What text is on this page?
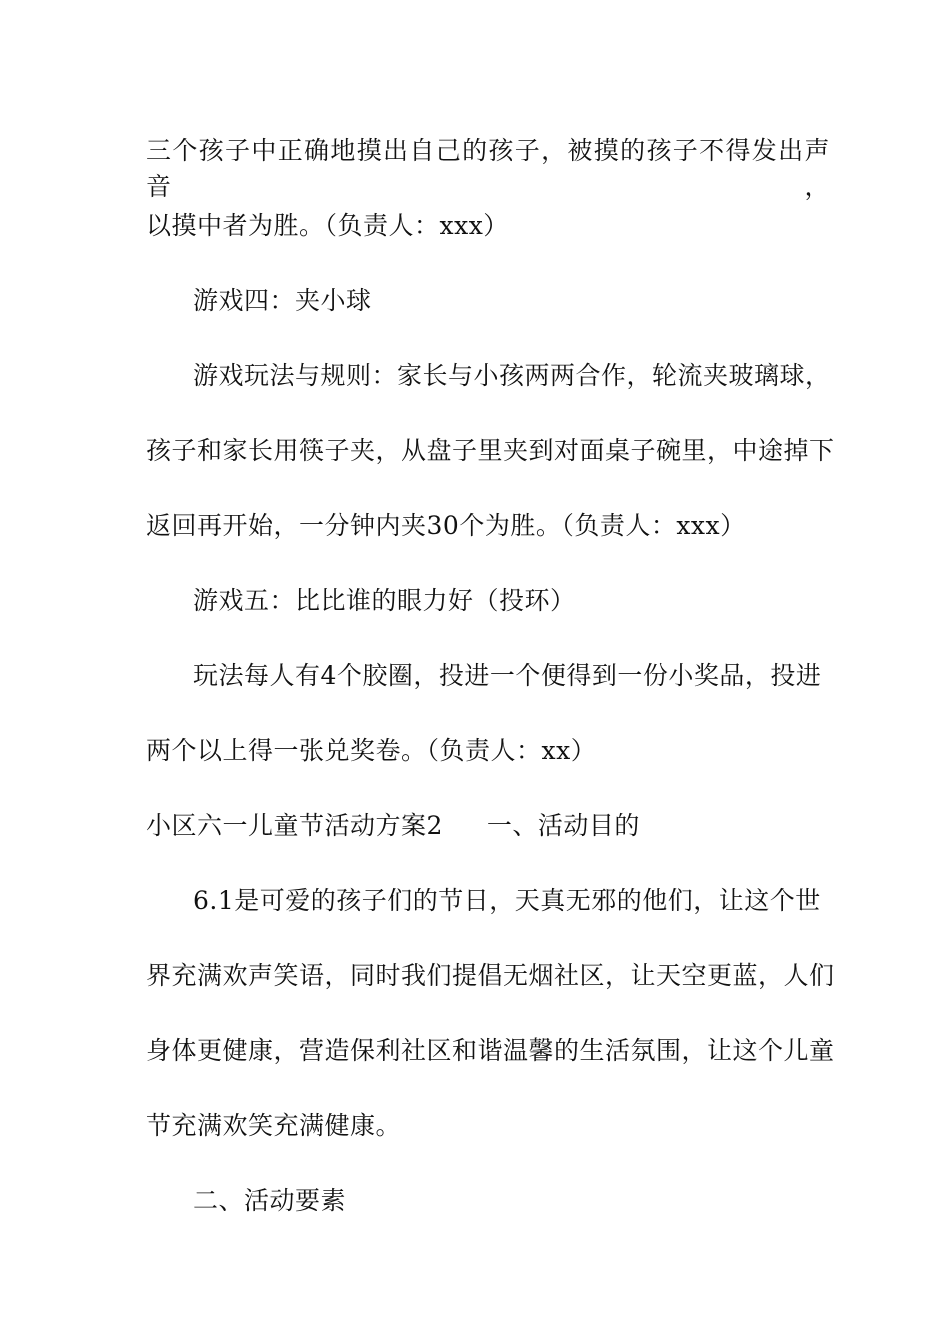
三个孩子中正确地摸出自己的孩子，被摸的孩子不得发出声音，
以摸中者为胜。（负责人：xxx）
游戏四：夹小球
游戏玩法与规则：家长与小孩两两合作，轮流夹玻璃球，
孩子和家长用筷子夹，从盘子里夹到对面桌子碗里，中途掉下
返回再开始，一分钟内夹30个为胜。（负责人：xxx）
游戏五：比比谁的眼力好（投环）
玩法每人有4个胶圈，投进一个便得到一份小奖品，投进
两个以上得一张兑奖卷。（负责人：xx）
小区六一儿童节活动方案2 一、活动目的
6.1是可爱的孩子们的节日，天真无邪的他们，让这个世
界充满欢声笑语，同时我们提倡无烟社区，让天空更蓝，人们
身体更健康，营造保利社区和谐温馨的生活氛围，让这个儿童
节充满欢笑充满健康。
二、活动要素
